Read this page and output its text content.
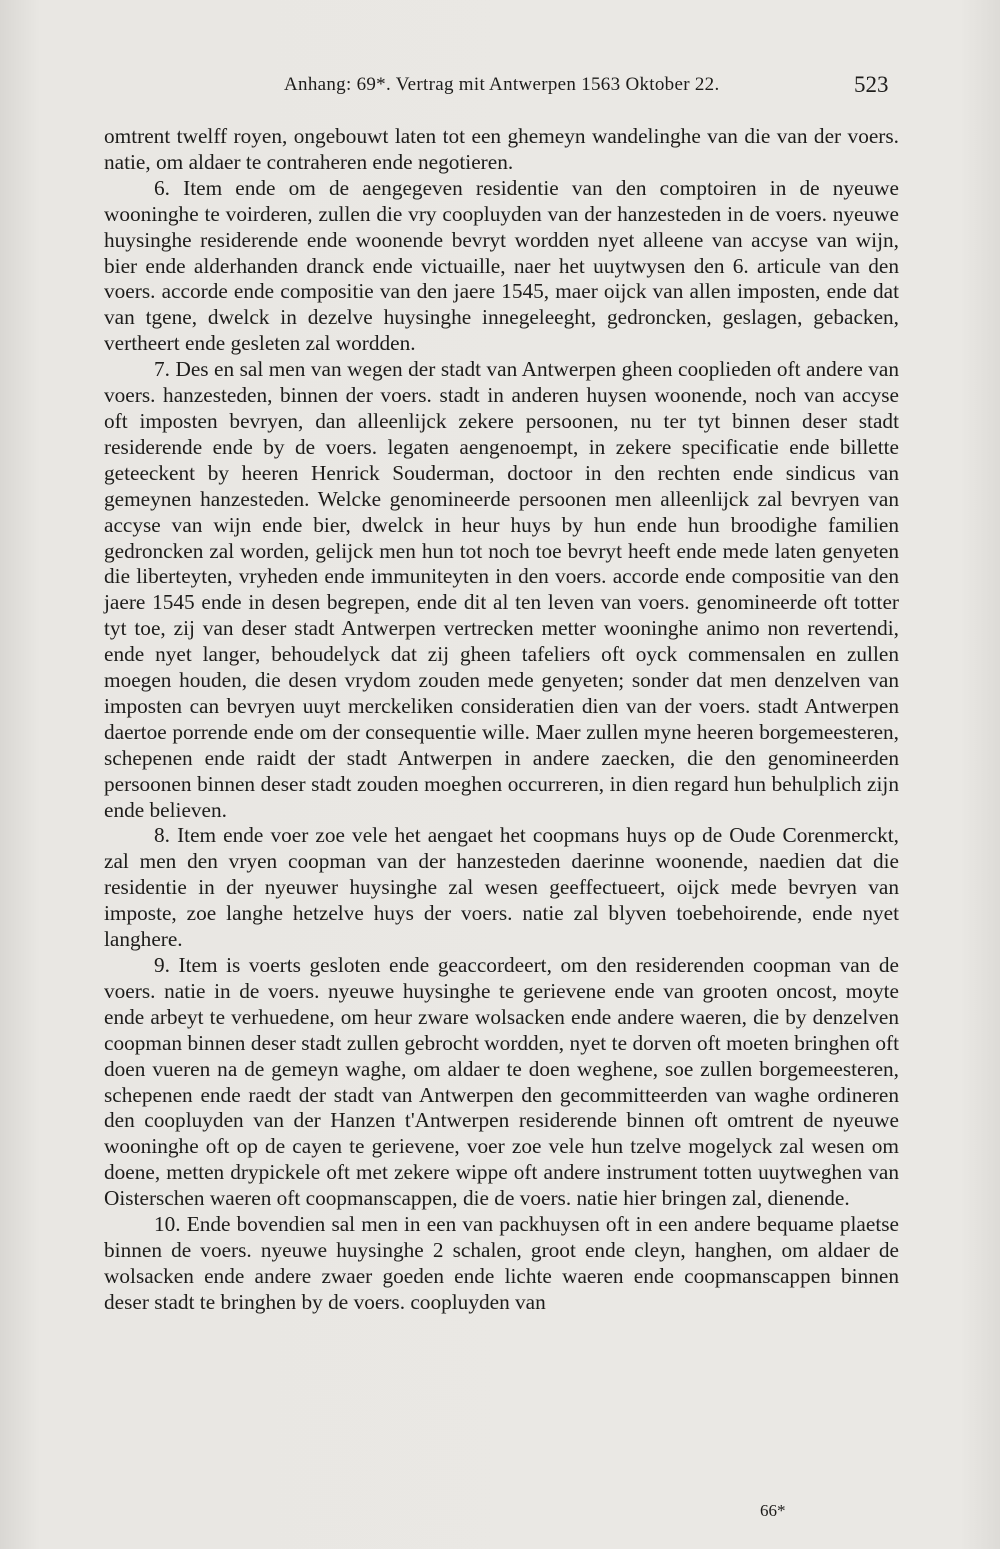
Anhang: 69*. Vertrag mit Antwerpen 1563 Oktober 22.	523

omtrent twelff royen, ongebouwt laten tot een ghemeyn wandelinghe van die van der voers. natie, om aldaer te contraheren ende negotieren.

6. Item ende om de aengegeven residentie van den comptoiren in de nyeuwe wooninghe te voirderen, zullen die vry coopluyden van der hanzesteden in de voers. nyeuwe huysinghe residerende ende woonende bevryt wordden nyet alleene van accyse van wijn, bier ende alderhanden dranck ende victuaille, naer het uuytwysen den 6. articule van den voers. accorde ende compositie van den jaere 1545, maer oijck van allen imposten, ende dat van tgene, dwelck in dezelve huysinghe innegeleeght, gedroncken, geslagen, gebacken, vertheert ende gesleten zal wordden.

7. Des en sal men van wegen der stadt van Antwerpen gheen cooplieden oft andere van voers. hanzesteden, binnen der voers. stadt in anderen huysen woonende, noch van accyse oft imposten bevryen, dan alleenlijck zekere persoonen, nu ter tyt binnen deser stadt residerende ende by de voers. legaten aengenoempt, in zekere specificatie ende billette geteeckent by heeren Henrick Souderman, doctoor in den rechten ende sindicus van gemeynen hanzesteden. Welcke genomineerde persoonen men alleenlijck zal bevryen van accyse van wijn ende bier, dwelck in heur huys by hun ende hun broodighe familien gedroncken zal worden, gelijck men hun tot noch toe bevryt heeft ende mede laten genyeten die liberteyten, vryheden ende immuniteyten in den voers. accorde ende compositie van den jaere 1545 ende in desen begrepen, ende dit al ten leven van voers. genomineerde oft totter tyt toe, zij van deser stadt Antwerpen vertrecken metter wooninghe animo non revertendi, ende nyet langer, behoudelyck dat zij gheen tafeliers oft oyck commensalen en zullen moegen houden, die desen vrydom zouden mede genyeten; sonder dat men denzelven van imposten can bevryen uuyt merckeliken consideratien dien van der voers. stadt Antwerpen daertoe porrende ende om der consequentie wille. Maer zullen myne heeren borgemeesteren, schepenen ende raidt der stadt Antwerpen in andere zaecken, die den genomineerden persoonen binnen deser stadt zouden moeghen occurreren, in dien regard hun behulplich zijn ende believen.

8. Item ende voer zoe vele het aengaet het coopmans huys op de Oude Corenmerckt, zal men den vryen coopman van der hanzesteden daerinne woonende, naedien dat die residentie in der nyeuwer huysinghe zal wesen geeffectueert, oijck mede bevryen van imposte, zoe langhe hetzelve huys der voers. natie zal blyven toebehoirende, ende nyet langhere.

9. Item is voerts gesloten ende geaccordeert, om den residerenden coopman van de voers. natie in de voers. nyeuwe huysinghe te gerievene ende van grooten oncost, moyte ende arbeyt te verhuedene, om heur zware wolsacken ende andere waeren, die by denzelven coopman binnen deser stadt zullen gebrocht wordden, nyet te dorven oft moeten bringhen oft doen vueren na de gemeyn waghe, om aldaer te doen weghene, soe zullen borgemeesteren, schepenen ende raedt der stadt van Antwerpen den gecommitteerden van waghe ordineren den coopluyden van der Hanzen t'Antwerpen residerende binnen oft omtrent de nyeuwe wooninghe oft op de cayen te gerievene, voer zoe vele hun tzelve mogelyck zal wesen om doene, metten drypickele oft met zekere wippe oft andere instrument totten uuytweghen van Oisterschen waeren oft coopmanscappen, die de voers. natie hier bringen zal, dienende.

10. Ende bovendien sal men in een van packhuysen oft in een andere bequame plaetse binnen de voers. nyeuwe huysinghe 2 schalen, groot ende cleyn, hanghen, om aldaer de wolsacken ende andere zwaer goeden ende lichte waeren ende coopmanscappen binnen deser stadt te bringhen by de voers. coopluyden van

66*
